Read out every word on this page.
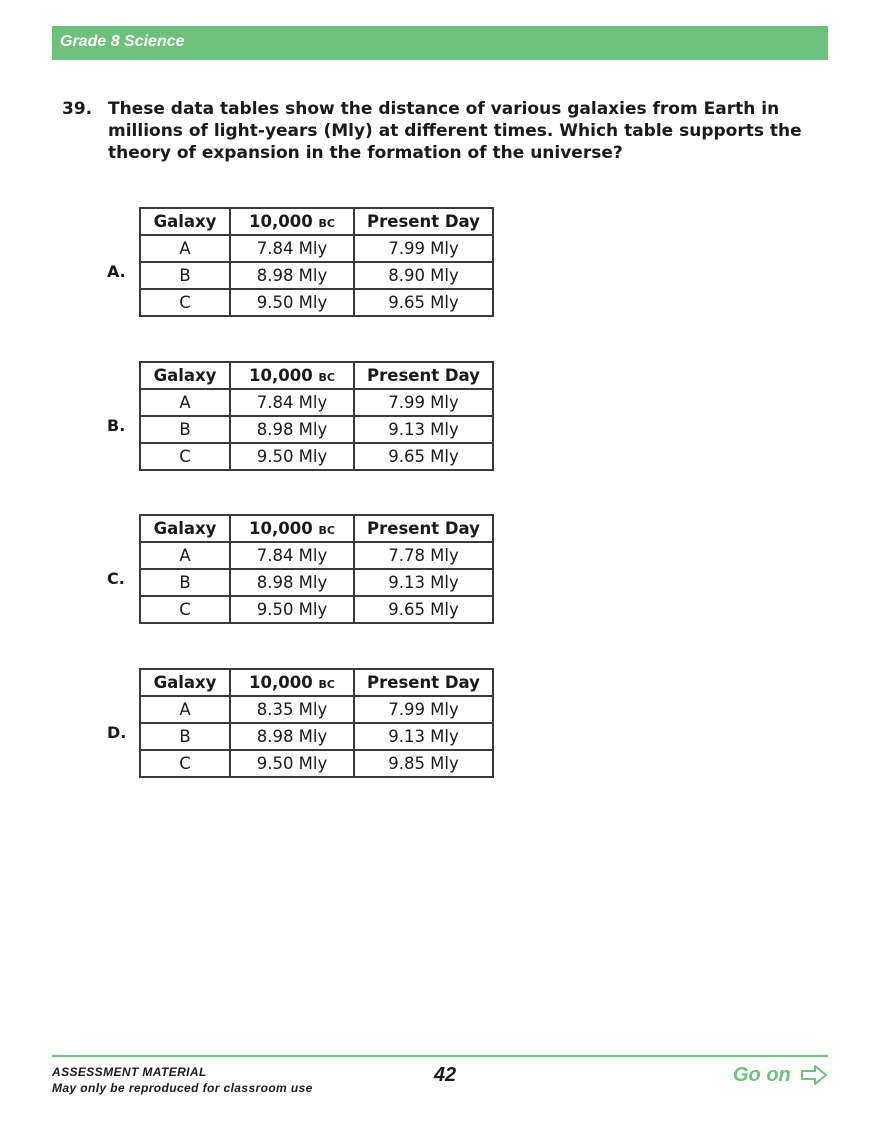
Grade 8 Science
39. These data tables show the distance of various galaxies from Earth in millions of light-years (Mly) at different times. Which table supports the theory of expansion in the formation of the universe?
A.
Galaxy	10,000 BC	Present Day
A	7.84 Mly	7.99 Mly
B	8.98 Mly	8.90 Mly
C	9.50 Mly	9.65 Mly
B.
Galaxy	10,000 BC	Present Day
A	7.84 Mly	7.99 Mly
B	8.98 Mly	9.13 Mly
C	9.50 Mly	9.65 Mly
C.
Galaxy	10,000 BC	Present Day
A	7.84 Mly	7.78 Mly
B	8.98 Mly	9.13 Mly
C	9.50 Mly	9.65 Mly
D.
Galaxy	10,000 BC	Present Day
A	8.35 Mly	7.99 Mly
B	8.98 Mly	9.13 Mly
C	9.50 Mly	9.85 Mly
ASSESSMENT MATERIAL
May only be reproduced for classroom use
42	Go on
